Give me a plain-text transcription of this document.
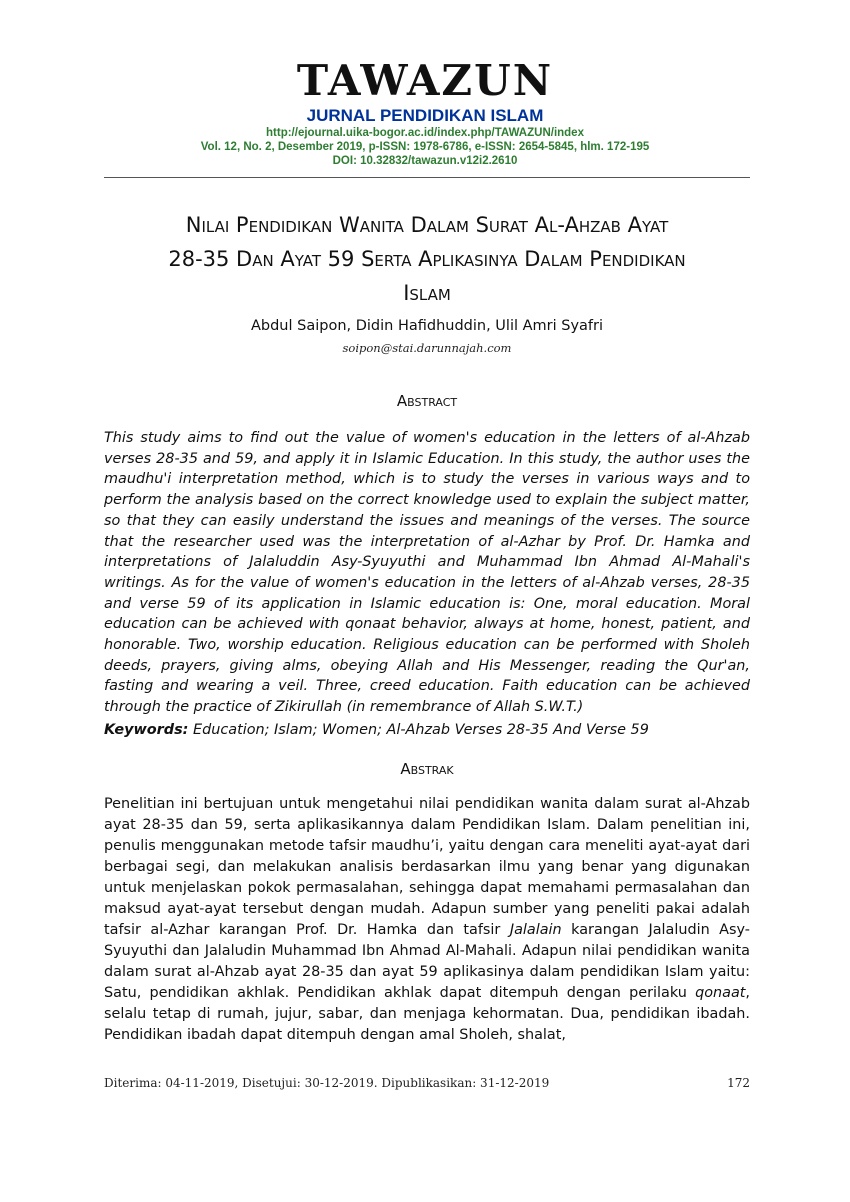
TAWAZUN
JURNAL PENDIDIKAN ISLAM
http://ejournal.uika-bogor.ac.id/index.php/TAWAZUN/index
Vol. 12, No. 2, Desember 2019, p-ISSN: 1978-6786, e-ISSN: 2654-5845, hlm. 172-195
DOI: 10.32832/tawazun.v12i2.2610
Nilai Pendidikan Wanita Dalam Surat Al-Ahzab Ayat
28-35 Dan Ayat 59 Serta Aplikasinya Dalam Pendidikan
Islam
Abdul Saipon, Didin Hafidhuddin, Ulil Amri Syafri
soipon@stai.darunnajah.com
Abstract

This study aims to find out the value of women's education in the letters of al-Ahzab verses 28-35 and 59, and apply it in Islamic Education. In this study, the author uses the maudhu'i interpretation method, which is to study the verses in various ways and to perform the analysis based on the correct knowledge used to explain the subject matter, so that they can easily understand the issues and meanings of the verses. The source that the researcher used was the interpretation of al-Azhar by Prof. Dr. Hamka and interpretations of Jalaluddin Asy-Syuyuthi and Muhammad Ibn Ahmad Al-Mahali's writings. As for the value of women's education in the letters of al-Ahzab verses, 28-35 and verse 59 of its application in Islamic education is: One, moral education. Moral education can be achieved with qonaat behavior, always at home, honest, patient, and honorable. Two, worship education. Religious education can be performed with Sholeh deeds, prayers, giving alms, obeying Allah and His Messenger, reading the Qur'an, fasting and wearing a veil. Three, creed education. Faith education can be achieved through the practice of Zikirullah (in remembrance of Allah S.W.T.)

Keywords: Education; Islam; Women; Al-Ahzab Verses 28-35 And Verse 59
Abstrak

Penelitian ini bertujuan untuk mengetahui nilai pendidikan wanita dalam surat al-Ahzab ayat 28-35 dan 59, serta aplikasikannya dalam Pendidikan Islam. Dalam penelitian ini, penulis menggunakan metode tafsir maudhu’i, yaitu dengan cara meneliti ayat-ayat dari berbagai segi, dan melakukan analisis berdasarkan ilmu yang benar yang digunakan untuk menjelaskan pokok permasalahan, sehingga dapat memahami permasalahan dan maksud ayat-ayat tersebut dengan mudah. Adapun sumber yang peneliti pakai adalah tafsir al-Azhar karangan Prof. Dr. Hamka dan tafsir Jalalain karangan Jalaludin Asy-Syuyuthi dan Jalaludin Muhammad Ibn Ahmad Al-Mahali. Adapun nilai pendidikan wanita dalam surat al-Ahzab ayat 28-35 dan ayat 59 aplikasinya dalam pendidikan Islam yaitu: Satu, pendidikan akhlak. Pendidikan akhlak dapat ditempuh dengan perilaku qonaat, selalu tetap di rumah, jujur, sabar, dan menjaga kehormatan. Dua, pendidikan ibadah. Pendidikan ibadah dapat ditempuh dengan amal Sholeh, shalat,

Diterima: 04-11-2019, Disetujui: 30-12-2019. Dipublikasikan: 31-12-2019	172
